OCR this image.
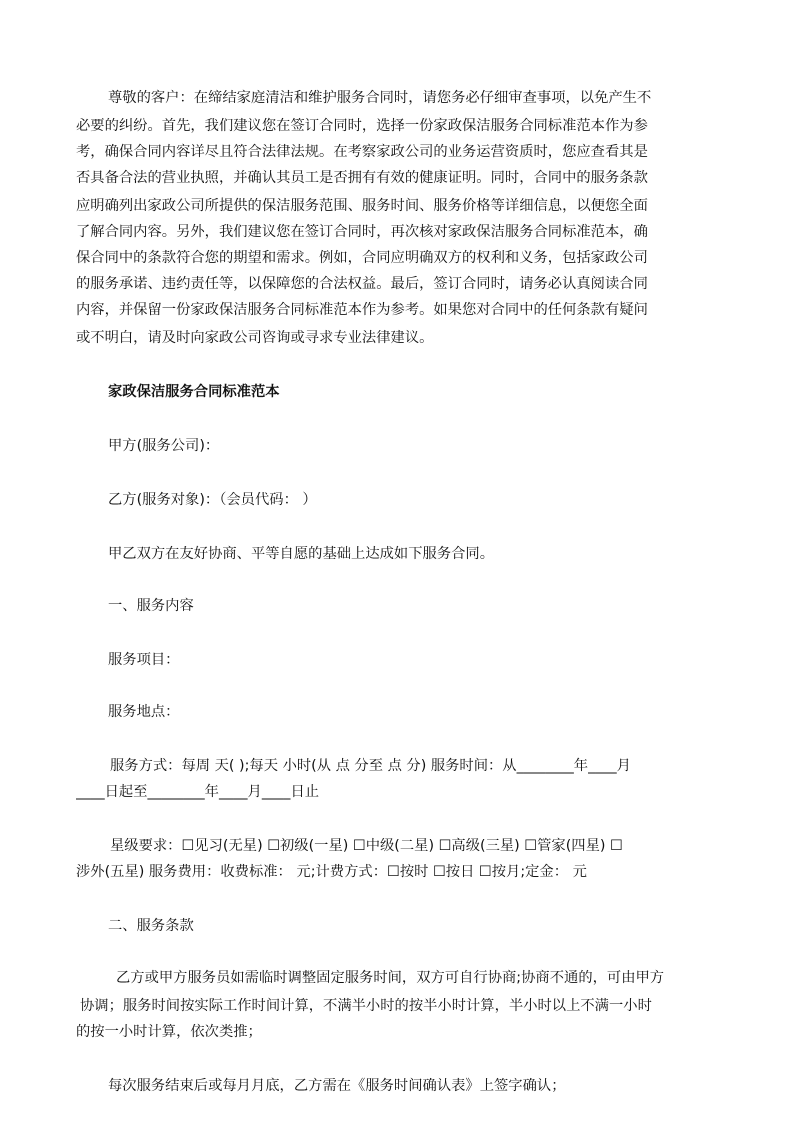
尊敬的客户：在缔结家庭清洁和维护服务合同时，请您务必仔细审查事项，以免产生不
必要的纠纷。首先，我们建议您在签订合同时，选择一份家政保洁服务合同标准范本作为参
考，确保合同内容详尽且符合法律法规。在考察家政公司的业务运营资质时，您应查看其是
否具备合法的营业执照，并确认其员工是否拥有有效的健康证明。同时，合同中的服务条款
应明确列出家政公司所提供的保洁服务范围、服务时间、服务价格等详细信息，以便您全面
了解合同内容。另外，我们建议您在签订合同时，再次核对家政保洁服务合同标准范本，确
保合同中的条款符合您的期望和需求。例如，合同应明确双方的权利和义务，包括家政公司
的服务承诺、违约责任等，以保障您的合法权益。最后，签订合同时，请务必认真阅读合同
内容，并保留一份家政保洁服务合同标准范本作为参考。如果您对合同中的任何条款有疑问
或不明白，请及时向家政公司咨询或寻求专业法律建议。
家政保洁服务合同标准范本
甲方(服务公司)：
乙方(服务对象)：（会员代码： ）
甲乙双方在友好协商、平等自愿的基础上达成如下服务合同。
一、服务内容
服务项目：
服务地点：
服务方式：每周 天( );每天 小时(从 点 分至 点 分) 服务时间：从________年____月
____日起至________年____月____日止
星级要求：☐见习(无星) ☐初级(一星) ☐中级(二星) ☐高级(三星) ☐管家(四星) ☐
涉外(五星) 服务费用：收费标准： 元;计费方式：☐按时 ☐按日 ☐按月;定金： 元
二、服务条款
乙方或甲方服务员如需临时调整固定服务时间，双方可自行协商;协商不通的，可由甲方
协调；服务时间按实际工作时间计算，不满半小时的按半小时计算，半小时以上不满一小时
的按一小时计算，依次类推；
每次服务结束后或每月月底，乙方需在《服务时间确认表》上签字确认；
